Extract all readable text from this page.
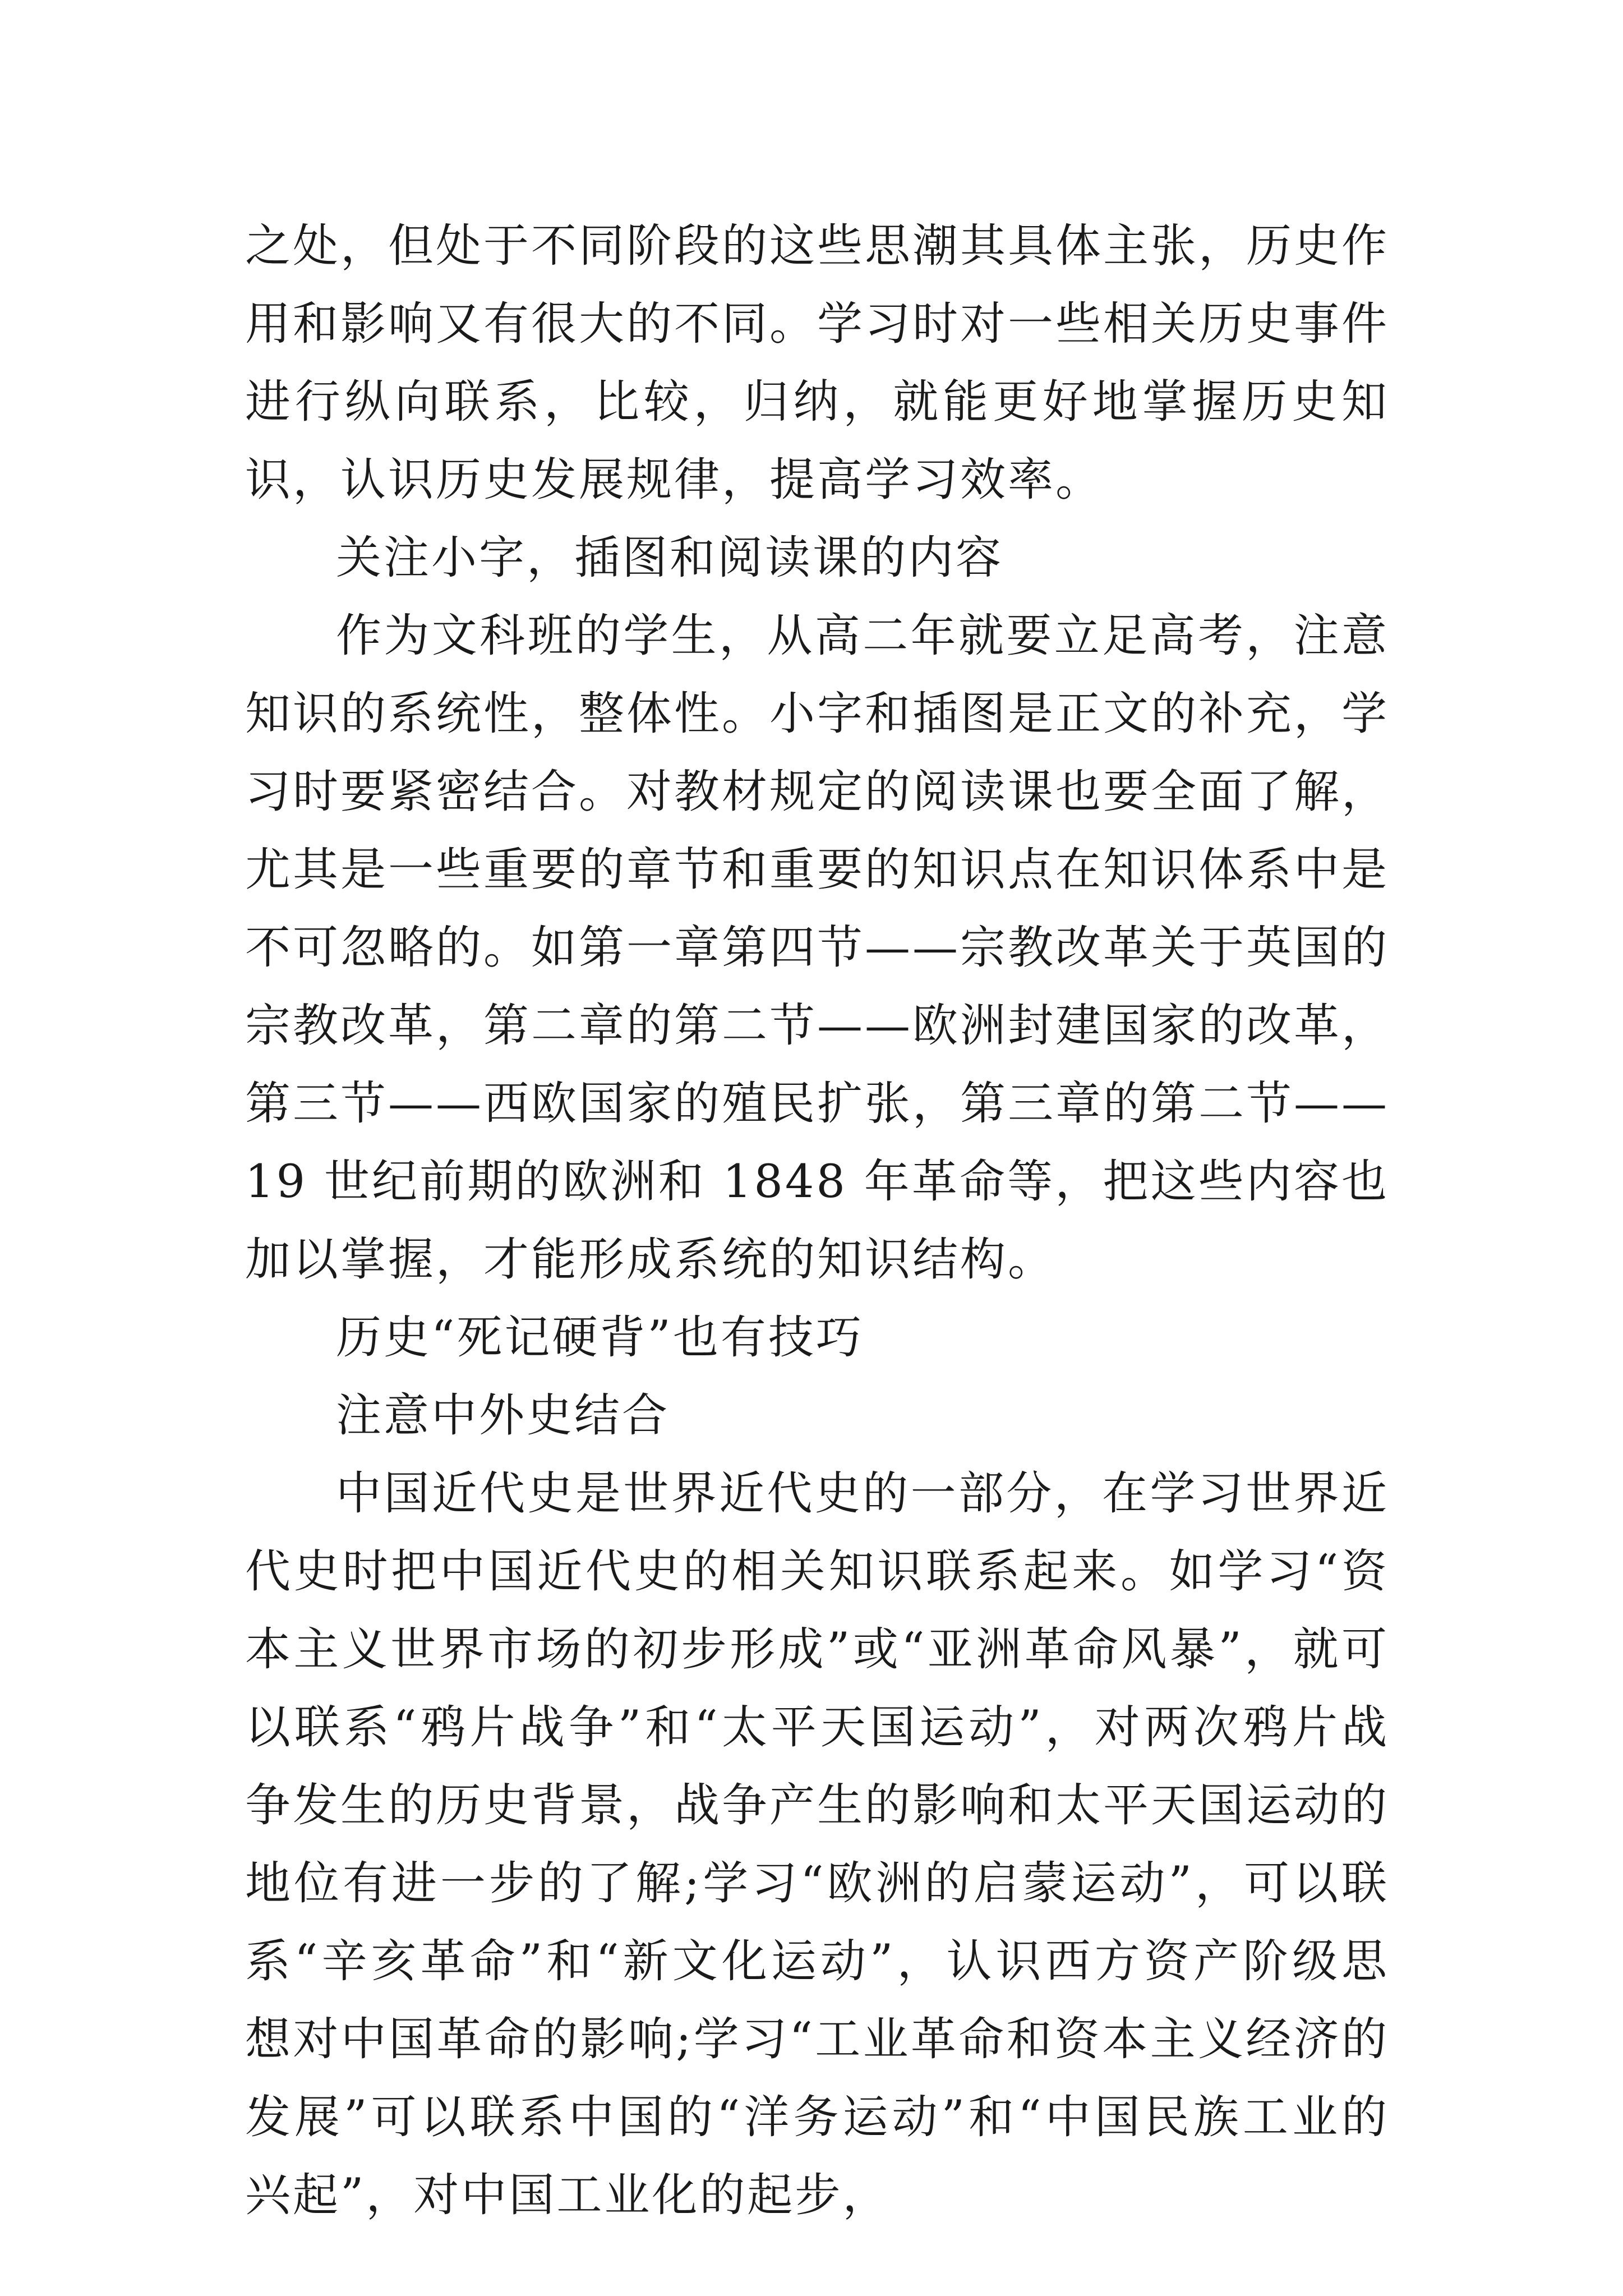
之处，但处于不同阶段的这些思潮其具体主张，历史作用和影响又有很大的不同。学习时对一些相关历史事件进行纵向联系，比较，归纳，就能更好地掌握历史知识，认识历史发展规律，提高学习效率。

关注小字，插图和阅读课的内容

作为文科班的学生，从高二年就要立足高考，注意知识的系统性，整体性。小字和插图是正文的补充，学习时要紧密结合。对教材规定的阅读课也要全面了解，尤其是一些重要的章节和重要的知识点在知识体系中是不可忽略的。如第一章第四节——宗教改革关于英国的宗教改革，第二章的第二节——欧洲封建国家的改革，第三节——西欧国家的殖民扩张，第三章的第二节——19 世纪前期的欧洲和 1848 年革命等，把这些内容也加以掌握，才能形成系统的知识结构。

历史“死记硬背”也有技巧

注意中外史结合

中国近代史是世界近代史的一部分，在学习世界近代史时把中国近代史的相关知识联系起来。如学习“资本主义世界市场的初步形成”或“亚洲革命风暴”，就可以联系“鸦片战争”和“太平天国运动”，对两次鸦片战争发生的历史背景，战争产生的影响和太平天国运动的地位有进一步的了解;学习“欧洲的启蒙运动”，可以联系“辛亥革命”和“新文化运动”，认识西方资产阶级思想对中国革命的影响;学习“工业革命和资本主义经济的发展”可以联系中国的“洋务运动”和“中国民族工业的兴起”，对中国工业化的起步，
